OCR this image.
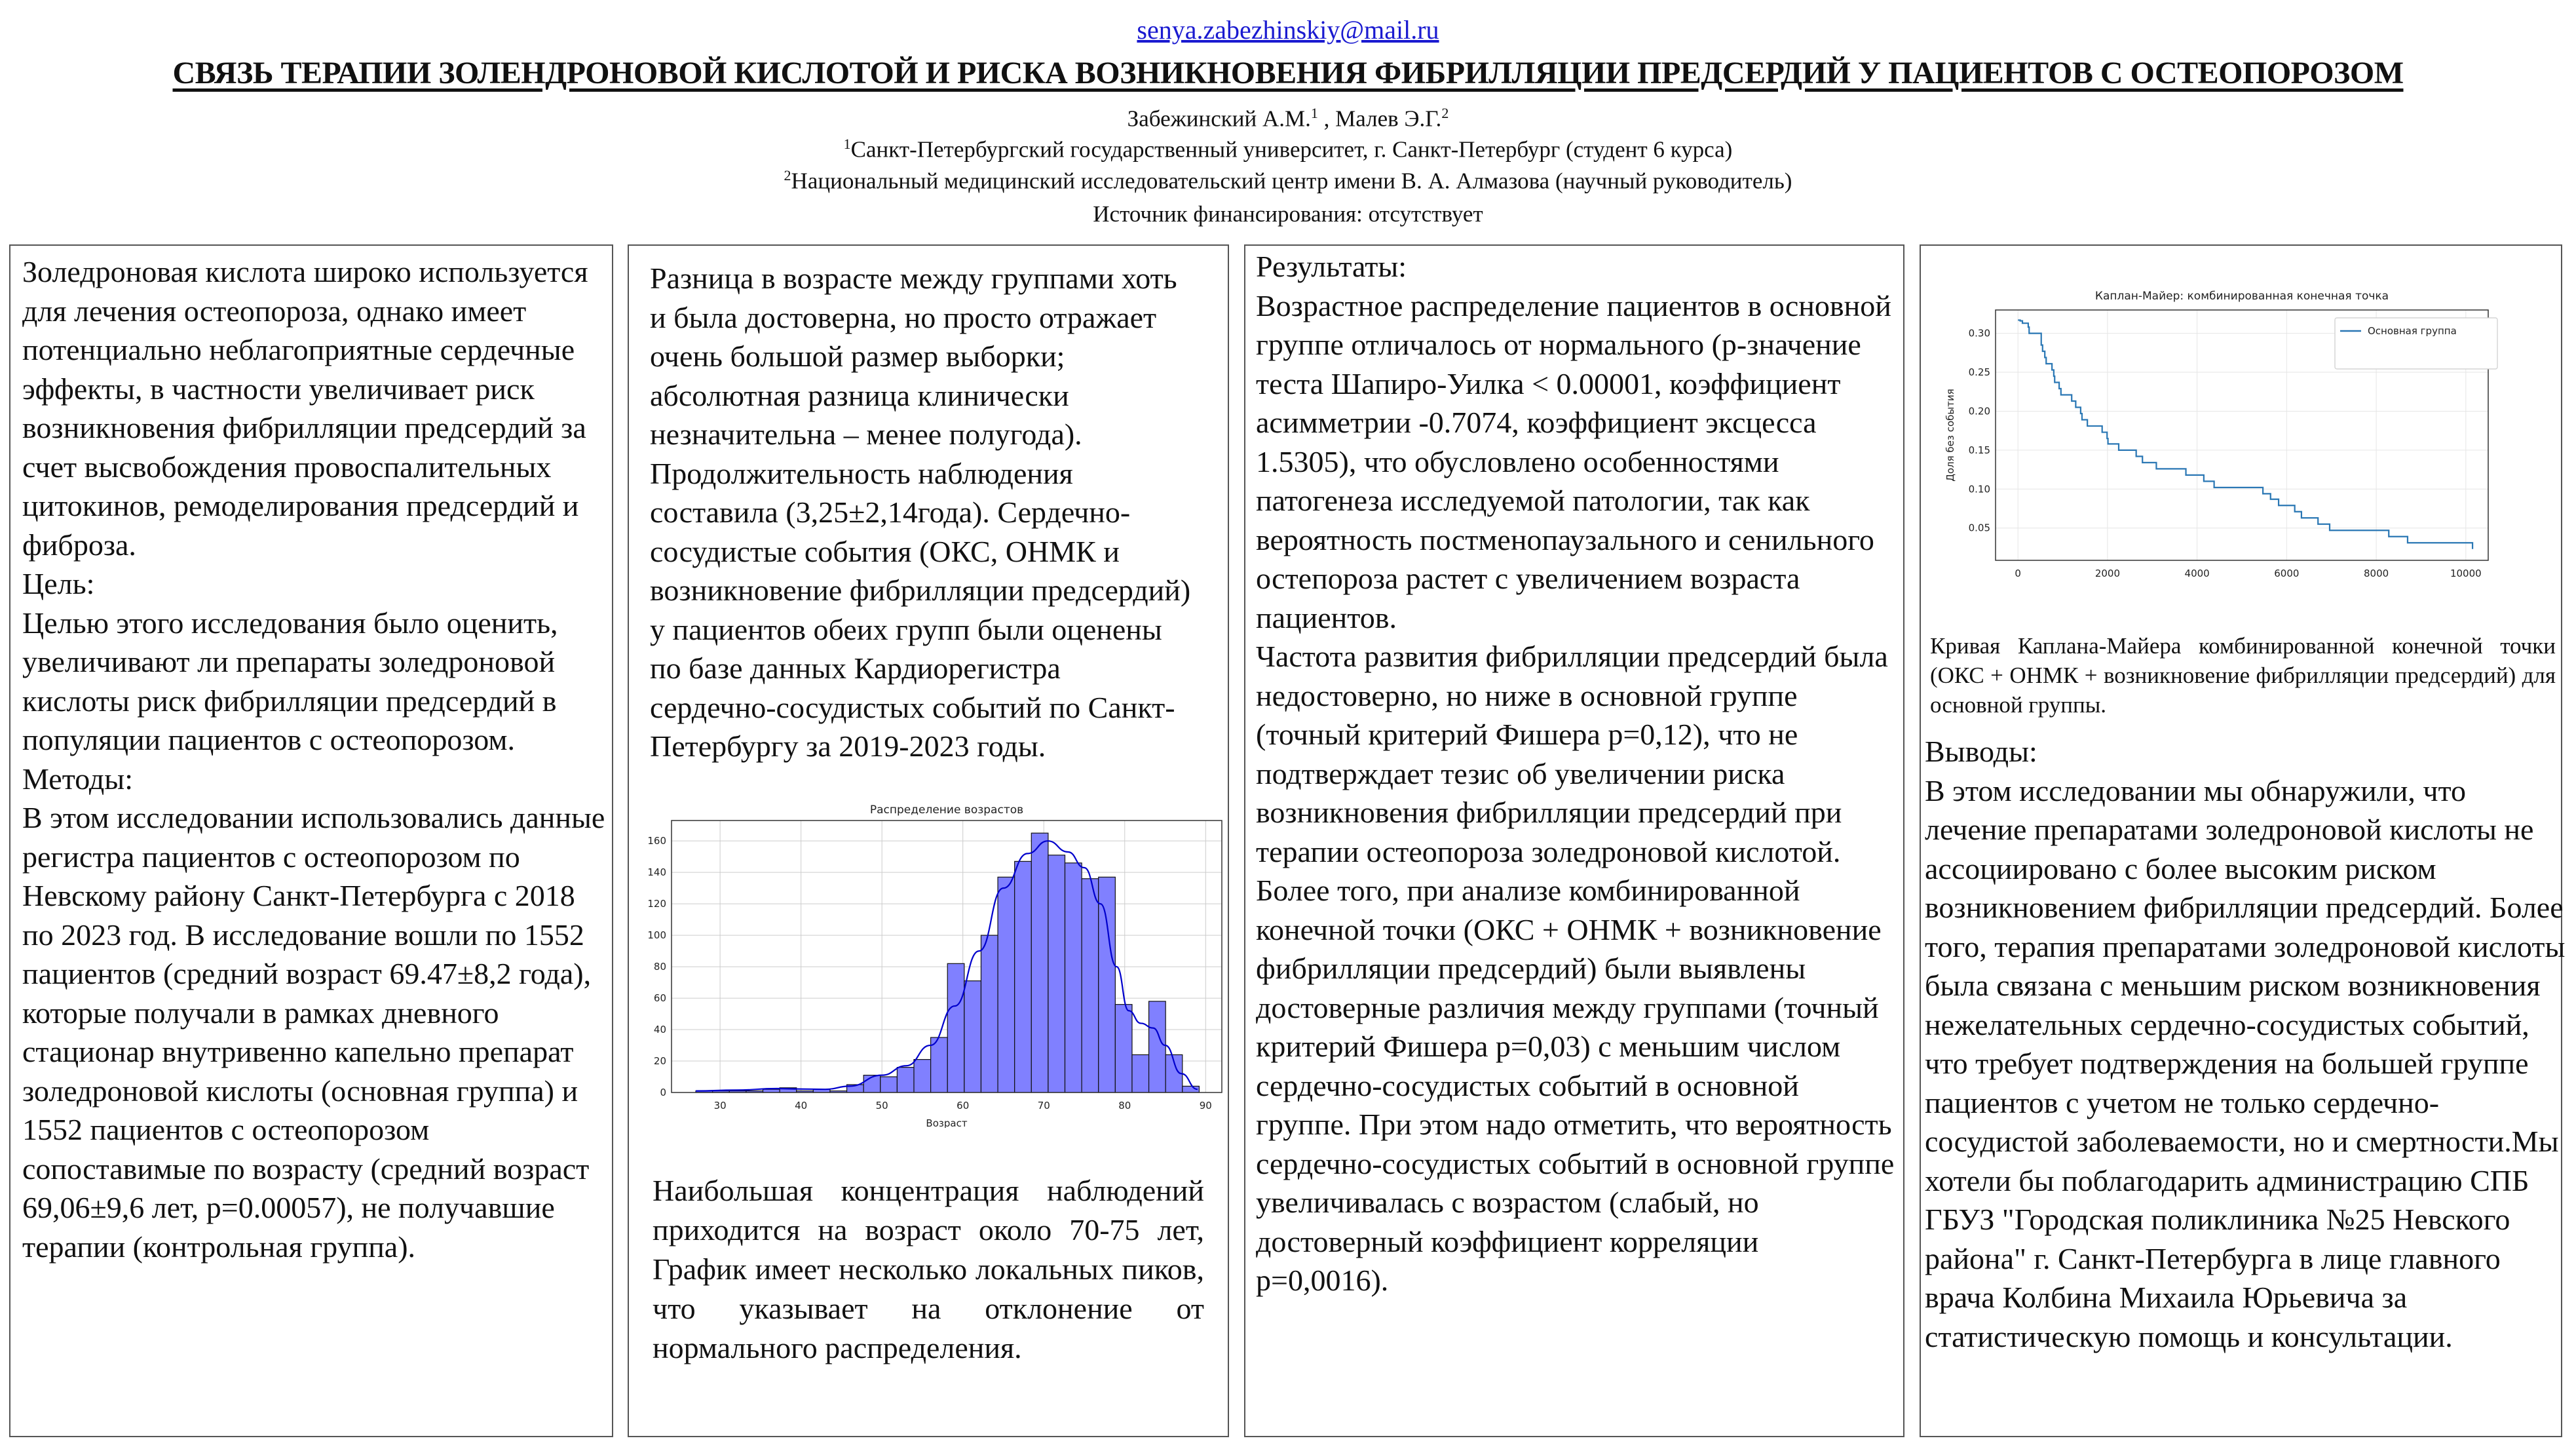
senya.zabezhinskiy@mail.ru
СВЯЗЬ ТЕРАПИИ ЗОЛЕНДРОНОВОЙ КИСЛОТОЙ И РИСКА ВОЗНИКНОВЕНИЯ ФИБРИЛЛЯЦИИ ПРЕДСЕРДИЙ У ПАЦИЕНТОВ С ОСТЕОПОРОЗОМ
Забежинский А.М.$^1$ , Малев Э.Г.$^2$
$^1$Санкт-Петербургский государственный университет, г. Санкт-Петербург (студент 6 курса)
$^2$Национальный медицинский исследовательский центр имени В. А. Алмазова (научный руководитель)
Источник финансирования: отсутствует

Золедроновая кислота широко используется для лечения остеопороза, однако имеет потенциально неблагоприятные сердечные эффекты, в частности увеличивает риск возникновения фибрилляции предсердий за счет высвобождения провоспалительных цитокинов, ремоделирования предсердий и фиброза.

Цель:

Целью этого исследования было оценить, увеличивают ли препараты золедроновой кислоты риск фибрилляции предсердий в популяции пациентов с остеопорозом.

Методы:

В этом исследовании использовались данные регистра пациентов с остеопорозом по Невскому району Санкт-Петербурга с 2018 по 2023 год. В исследование вошли по 1552 пациентов (средний возраст 69.47±8,2 года), которые получали в рамках дневного стационар внутривенно капельно препарат золедроновой кислоты (основная группа) и 1552 пациентов с остеопорозом сопоставимые по возрасту (средний возраст 69,06±9,6 лет, p=0.00057), не получавшие терапии (контрольная группа).

Разница в возрасте между группами хоть и была достоверна, но просто отражает очень большой размер выборки; абсолютная разница клинически незначительна – менее полугода). Продолжительность наблюдения составила (3,25±2,14года). Сердечно-сосудистые события (ОКС, ОНМК и возникновение фибрилляции предсердий) у пациентов обеих групп были оценены по базе данных Кардиорегистра сердечно-сосудистых событий по Санкт-Петербургу за 2019-2023 годы.

Распределение возрастов
30	40	50	60	70	80	90
0
20
40
60
80
100
120
140
160
Возраст

Наибольшая концентрация наблюдений приходится на возраст около 70-75 лет, График имеет несколько локальных пиков, что указывает на отклонение от нормального распределения.

Результаты:

Возрастное распределение пациентов в основной группе отличалось от нормального (p-значение теста Шапиро-Уилка < 0.00001, коэффициент асимметрии -0.7074, коэффициент эксцесса 1.5305), что обусловлено особенностями патогенеза исследуемой патологии, так как вероятность постменопаузального и сенильного остепороза растет с увеличением возраста пациентов.

Частота развития фибрилляции предсердий была недостоверно, но ниже в основной группе (точный критерий Фишера p=0,12), что не подтверждает тезис об увеличении риска возникновения фибрилляции предсердий при терапии остеопороза золедроновой кислотой. Более того, при анализе комбинированной конечной точки (ОКС + ОНМК + возникновение фибрилляции предсердий) были выявлены достоверные различия между группами (точный критерий Фишера p=0,03) с меньшим числом сердечно-сосудистых событий в основной группе. При этом надо отметить, что вероятность сердечно-сосудистых событий в основной группе увеличивалась с возрастом (слабый, но достоверный коэффициент корреляции p=0,0016).

Каплан-Майер: комбинированная конечная точка
0	2000	4000	6000	8000	10000
0.05
0.10
0.15
0.20
0.25
0.30
Доля без события
Основная группа

Кривая Каплана-Майера комбинированной конечной точки (ОКС + ОНМК + возникновение фибрилляции предсердий) для основной группы.

Выводы:

В этом исследовании мы обнаружили, что лечение препаратами золедроновой кислоты не ассоциировано с более высоким риском возникновением фибрилляции предсердий. Более того, терапия препаратами золедроновой кислоты была связана с меньшим риском возникновения нежелательных сердечно-сосудистых событий, что требует подтверждения на большей группе пациентов с учетом не только сердечно-сосудистой заболеваемости, но и смертности.Мы хотели бы поблагодарить администрацию СПБ ГБУЗ "Городская поликлиника №25 Невского района" г. Санкт-Петербурга в лице главного врача Колбина Михаила Юрьевича за статистическую помощь и консультации.
